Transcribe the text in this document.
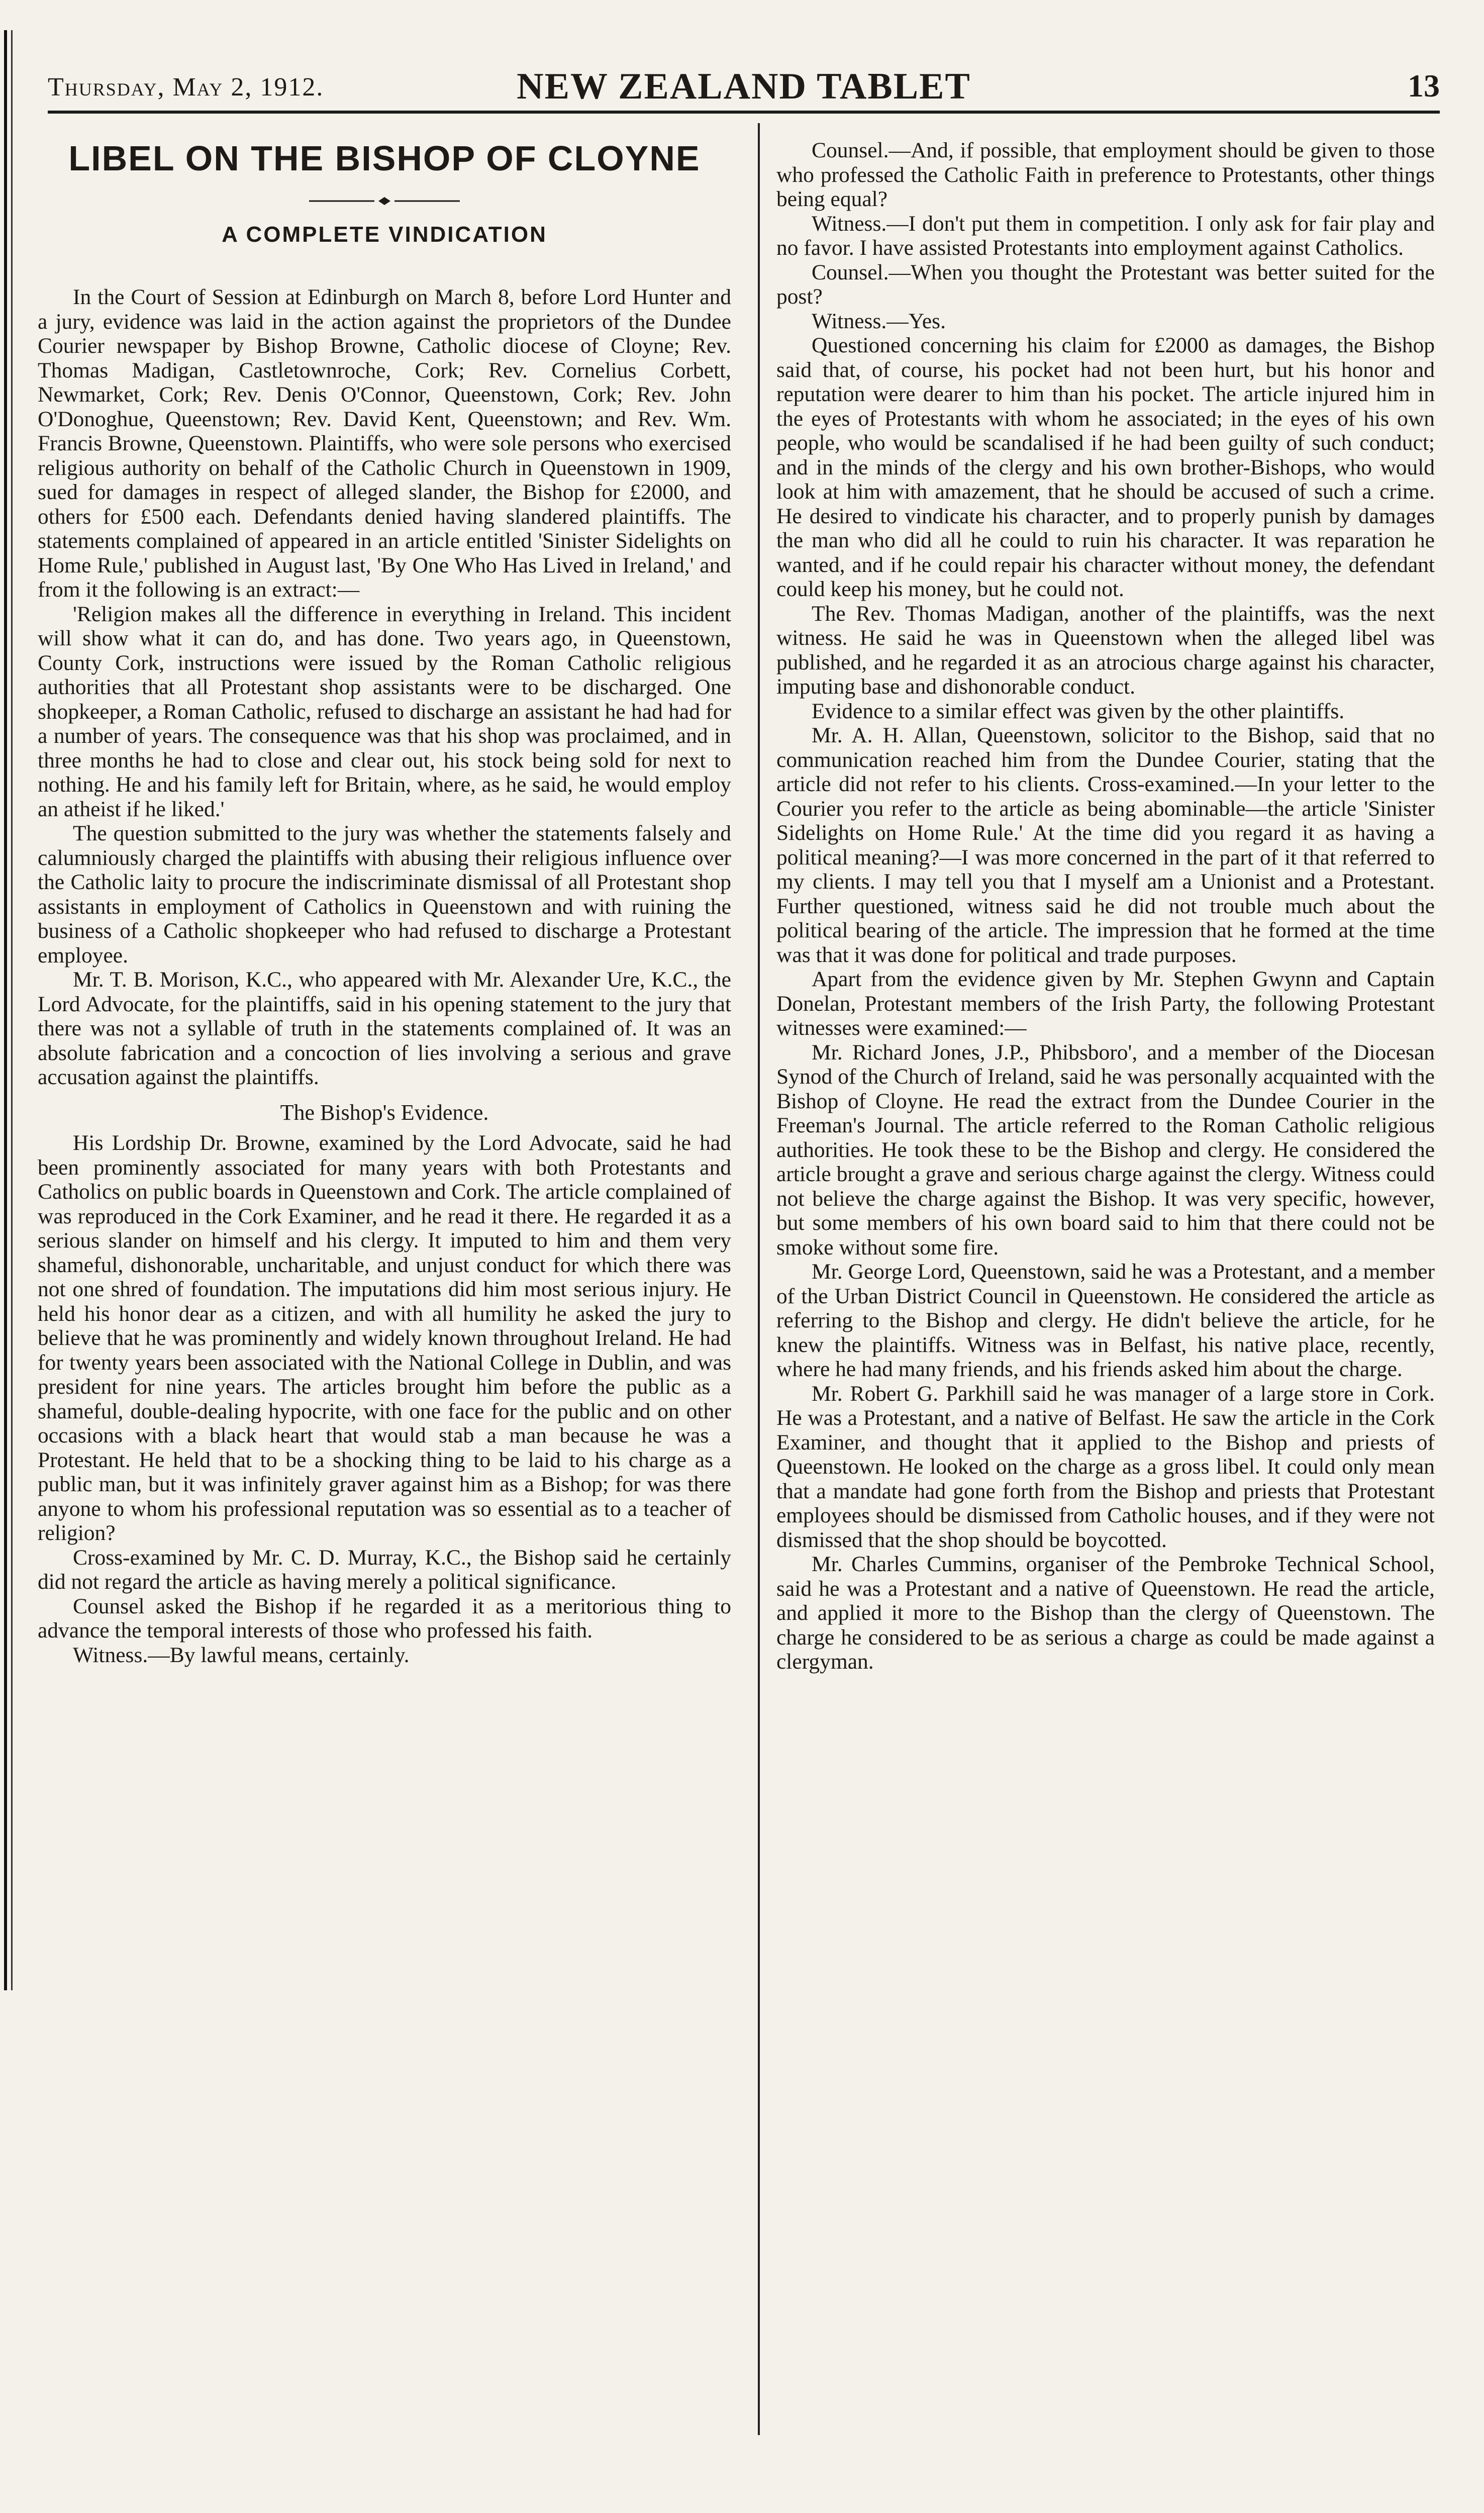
Thursday, May 2, 1912.	NEW ZEALAND TABLET	13
LIBEL ON THE BISHOP OF CLOYNE
A COMPLETE VINDICATION

In the Court of Session at Edinburgh on March 8, before Lord Hunter and a jury, evidence was laid in the action against the proprietors of the Dundee Courier newspaper by Bishop Browne, Catholic diocese of Cloyne; Rev. Thomas Madigan, Castletownroche, Cork; Rev. Cornelius Corbett, Newmarket, Cork; Rev. Denis O'Connor, Queenstown, Cork; Rev. John O'Donoghue, Queenstown; Rev. David Kent, Queenstown; and Rev. Wm. Francis Browne, Queenstown. Plaintiffs, who were sole persons who exercised religious authority on behalf of the Catholic Church in Queenstown in 1909, sued for damages in respect of alleged slander, the Bishop for £2000, and others for £500 each. Defendants denied having slandered plaintiffs. The statements complained of appeared in an article entitled 'Sinister Sidelights on Home Rule,' published in August last, 'By One Who Has Lived in Ireland,' and from it the following is an extract:—

'Religion makes all the difference in everything in Ireland. This incident will show what it can do, and has done. Two years ago, in Queenstown, County Cork, instructions were issued by the Roman Catholic religious authorities that all Protestant shop assistants were to be discharged. One shopkeeper, a Roman Catholic, refused to discharge an assistant he had had for a number of years. The consequence was that his shop was proclaimed, and in three months he had to close and clear out, his stock being sold for next to nothing. He and his family left for Britain, where, as he said, he would employ an atheist if he liked.'

The question submitted to the jury was whether the statements falsely and calumniously charged the plaintiffs with abusing their religious influence over the Catholic laity to procure the indiscriminate dismissal of all Protestant shop assistants in employment of Catholics in Queenstown and with ruining the business of a Catholic shopkeeper who had refused to discharge a Protestant employee.

Mr. T. B. Morison, K.C., who appeared with Mr. Alexander Ure, K.C., the Lord Advocate, for the plaintiffs, said in his opening statement to the jury that there was not a syllable of truth in the statements complained of. It was an absolute fabrication and a concoction of lies involving a serious and grave accusation against the plaintiffs.

The Bishop's Evidence.

His Lordship Dr. Browne, examined by the Lord Advocate, said he had been prominently associated for many years with both Protestants and Catholics on public boards in Queenstown and Cork. The article complained of was reproduced in the Cork Examiner, and he read it there. He regarded it as a serious slander on himself and his clergy. It imputed to him and them very shameful, dishonorable, uncharitable, and unjust conduct for which there was not one shred of foundation. The imputations did him most serious injury. He held his honor dear as a citizen, and with all humility he asked the jury to believe that he was prominently and widely known throughout Ireland. He had for twenty years been associated with the National College in Dublin, and was president for nine years. The articles brought him before the public as a shameful, double-dealing hypocrite, with one face for the public and on other occasions with a black heart that would stab a man because he was a Protestant. He held that to be a shocking thing to be laid to his charge as a public man, but it was infinitely graver against him as a Bishop; for was there anyone to whom his professional reputation was so essential as to a teacher of religion?

Cross-examined by Mr. C. D. Murray, K.C., the Bishop said he certainly did not regard the article as having merely a political significance.

Counsel asked the Bishop if he regarded it as a meritorious thing to advance the temporal interests of those who professed his faith.

Witness.—By lawful means, certainly.

Counsel.—And, if possible, that employment should be given to those who professed the Catholic Faith in preference to Protestants, other things being equal?

Witness.—I don't put them in competition. I only ask for fair play and no favor. I have assisted Protestants into employment against Catholics.

Counsel.—When you thought the Protestant was better suited for the post?

Witness.—Yes.

Questioned concerning his claim for £2000 as damages, the Bishop said that, of course, his pocket had not been hurt, but his honor and reputation were dearer to him than his pocket. The article injured him in the eyes of Protestants with whom he associated; in the eyes of his own people, who would be scandalised if he had been guilty of such conduct; and in the minds of the clergy and his own brother-Bishops, who would look at him with amazement, that he should be accused of such a crime. He desired to vindicate his character, and to properly punish by damages the man who did all he could to ruin his character. It was reparation he wanted, and if he could repair his character without money, the defendant could keep his money, but he could not.

The Rev. Thomas Madigan, another of the plaintiffs, was the next witness. He said he was in Queenstown when the alleged libel was published, and he regarded it as an atrocious charge against his character, imputing base and dishonorable conduct.

Evidence to a similar effect was given by the other plaintiffs.

Mr. A. H. Allan, Queenstown, solicitor to the Bishop, said that no communication reached him from the Dundee Courier, stating that the article did not refer to his clients. Cross-examined.—In your letter to the Courier you refer to the article as being abominable—the article 'Sinister Sidelights on Home Rule.' At the time did you regard it as having a political meaning?—I was more concerned in the part of it that referred to my clients. I may tell you that I myself am a Unionist and a Protestant. Further questioned, witness said he did not trouble much about the political bearing of the article. The impression that he formed at the time was that it was done for political and trade purposes.

Apart from the evidence given by Mr. Stephen Gwynn and Captain Donelan, Protestant members of the Irish Party, the following Protestant witnesses were examined:—

Mr. Richard Jones, J.P., Phibsboro', and a member of the Diocesan Synod of the Church of Ireland, said he was personally acquainted with the Bishop of Cloyne. He read the extract from the Dundee Courier in the Freeman's Journal. The article referred to the Roman Catholic religious authorities. He took these to be the Bishop and clergy. He considered the article brought a grave and serious charge against the clergy. Witness could not believe the charge against the Bishop. It was very specific, however, but some members of his own board said to him that there could not be smoke without some fire.

Mr. George Lord, Queenstown, said he was a Protestant, and a member of the Urban District Council in Queenstown. He considered the article as referring to the Bishop and clergy. He didn't believe the article, for he knew the plaintiffs. Witness was in Belfast, his native place, recently, where he had many friends, and his friends asked him about the charge.

Mr. Robert G. Parkhill said he was manager of a large store in Cork. He was a Protestant, and a native of Belfast. He saw the article in the Cork Examiner, and thought that it applied to the Bishop and priests of Queenstown. He looked on the charge as a gross libel. It could only mean that a mandate had gone forth from the Bishop and priests that Protestant employees should be dismissed from Catholic houses, and if they were not dismissed that the shop should be boycotted.

Mr. Charles Cummins, organiser of the Pembroke Technical School, said he was a Protestant and a native of Queenstown. He read the article, and applied it more to the Bishop than the clergy of Queenstown. The charge he considered to be as serious a charge as could be made against a clergyman.
